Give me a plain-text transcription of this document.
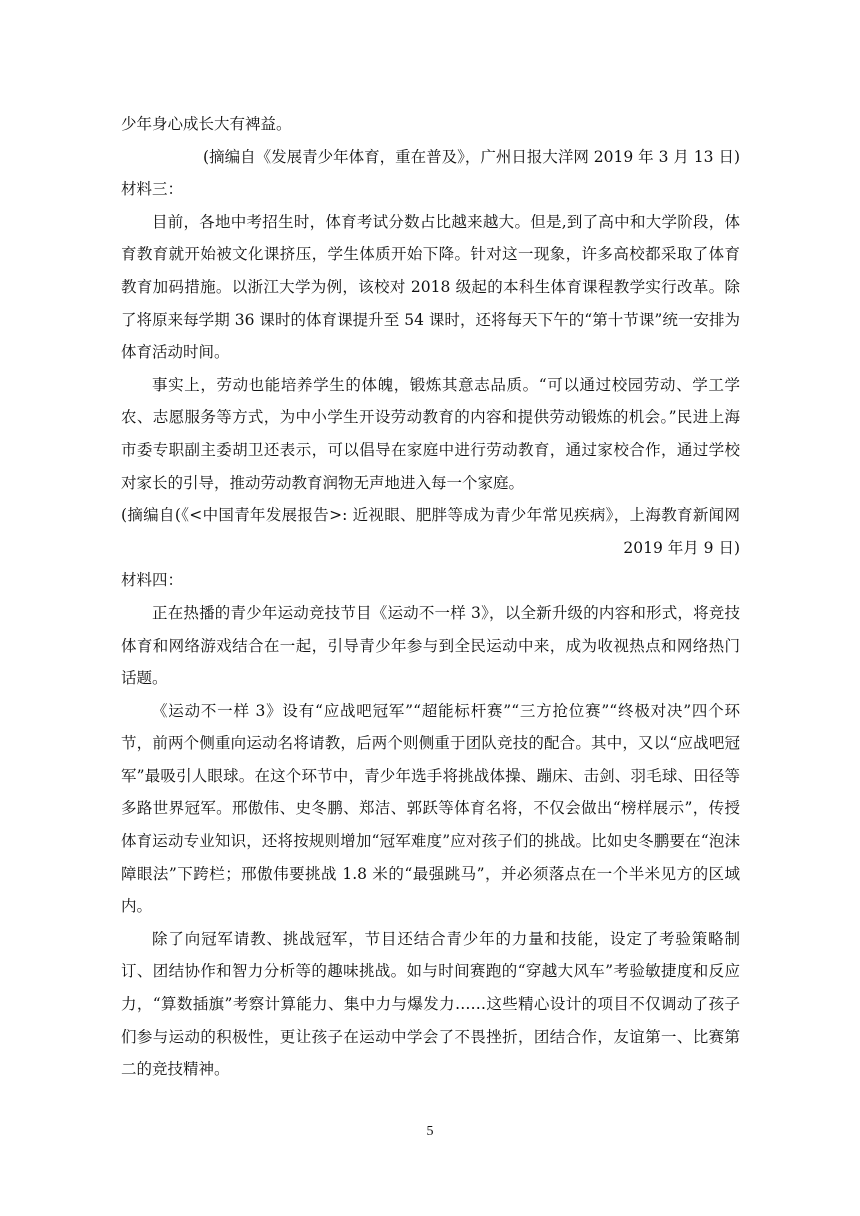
少年身心成长大有裨益。

(摘编自《发展青少年体育，重在普及》，广州日报大洋网 2019 年 3 月 13 日)

材料三：

目前，各地中考招生时，体育考试分数占比越来越大。但是,到了高中和大学阶段，体育教育就开始被文化课挤压，学生体质开始下降。针对这一现象，许多高校都采取了体育教育加码措施。以浙江大学为例，该校对 2018 级起的本科生体育课程教学实行改革。除了将原来每学期 36 课时的体育课提升至 54 课时，还将每天下午的“第十节课”统一安排为体育活动时间。

事实上，劳动也能培养学生的体魄，锻炼其意志品质。“可以通过校园劳动、学工学农、志愿服务等方式，为中小学生开设劳动教育的内容和提供劳动锻炼的机会。”民进上海市委专职副主委胡卫还表示，可以倡导在家庭中进行劳动教育，通过家校合作，通过学校对家长的引导，推动劳动教育润物无声地进入每一个家庭。

(摘编自(《<中国青年发展报告>: 近视眼、肥胖等成为青少年常见疾病》，上海教育新闻网

2019 年月 9 日)

材料四：

正在热播的青少年运动竞技节目《运动不一样 3》，以全新升级的内容和形式，将竞技体育和网络游戏结合在一起，引导青少年参与到全民运动中来，成为收视热点和网络热门话题。

《运动不一样 3》设有“应战吧冠军”“超能标杆赛”“三方抢位赛”“终极对决”四个环节，前两个侧重向运动名将请教，后两个则侧重于团队竞技的配合。其中，又以“应战吧冠军”最吸引人眼球。在这个环节中，青少年选手将挑战体操、蹦床、击剑、羽毛球、田径等多路世界冠军。邢傲伟、史冬鹏、郑洁、郭跃等体育名将，不仅会做出“榜样展示”，传授体育运动专业知识，还将按规则增加“冠军难度”应对孩子们的挑战。比如史冬鹏要在“泡沫障眼法”下跨栏；邢傲伟要挑战 1.8 米的“最强跳马”，并必须落点在一个半米见方的区域内。

除了向冠军请教、挑战冠军，节目还结合青少年的力量和技能，设定了考验策略制订、团结协作和智力分析等的趣味挑战。如与时间赛跑的“穿越大风车”考验敏捷度和反应力，“算数插旗”考察计算能力、集中力与爆发力……这些精心设计的项目不仅调动了孩子们参与运动的积极性，更让孩子在运动中学会了不畏挫折，团结合作，友谊第一、比赛第二的竞技精神。

5
